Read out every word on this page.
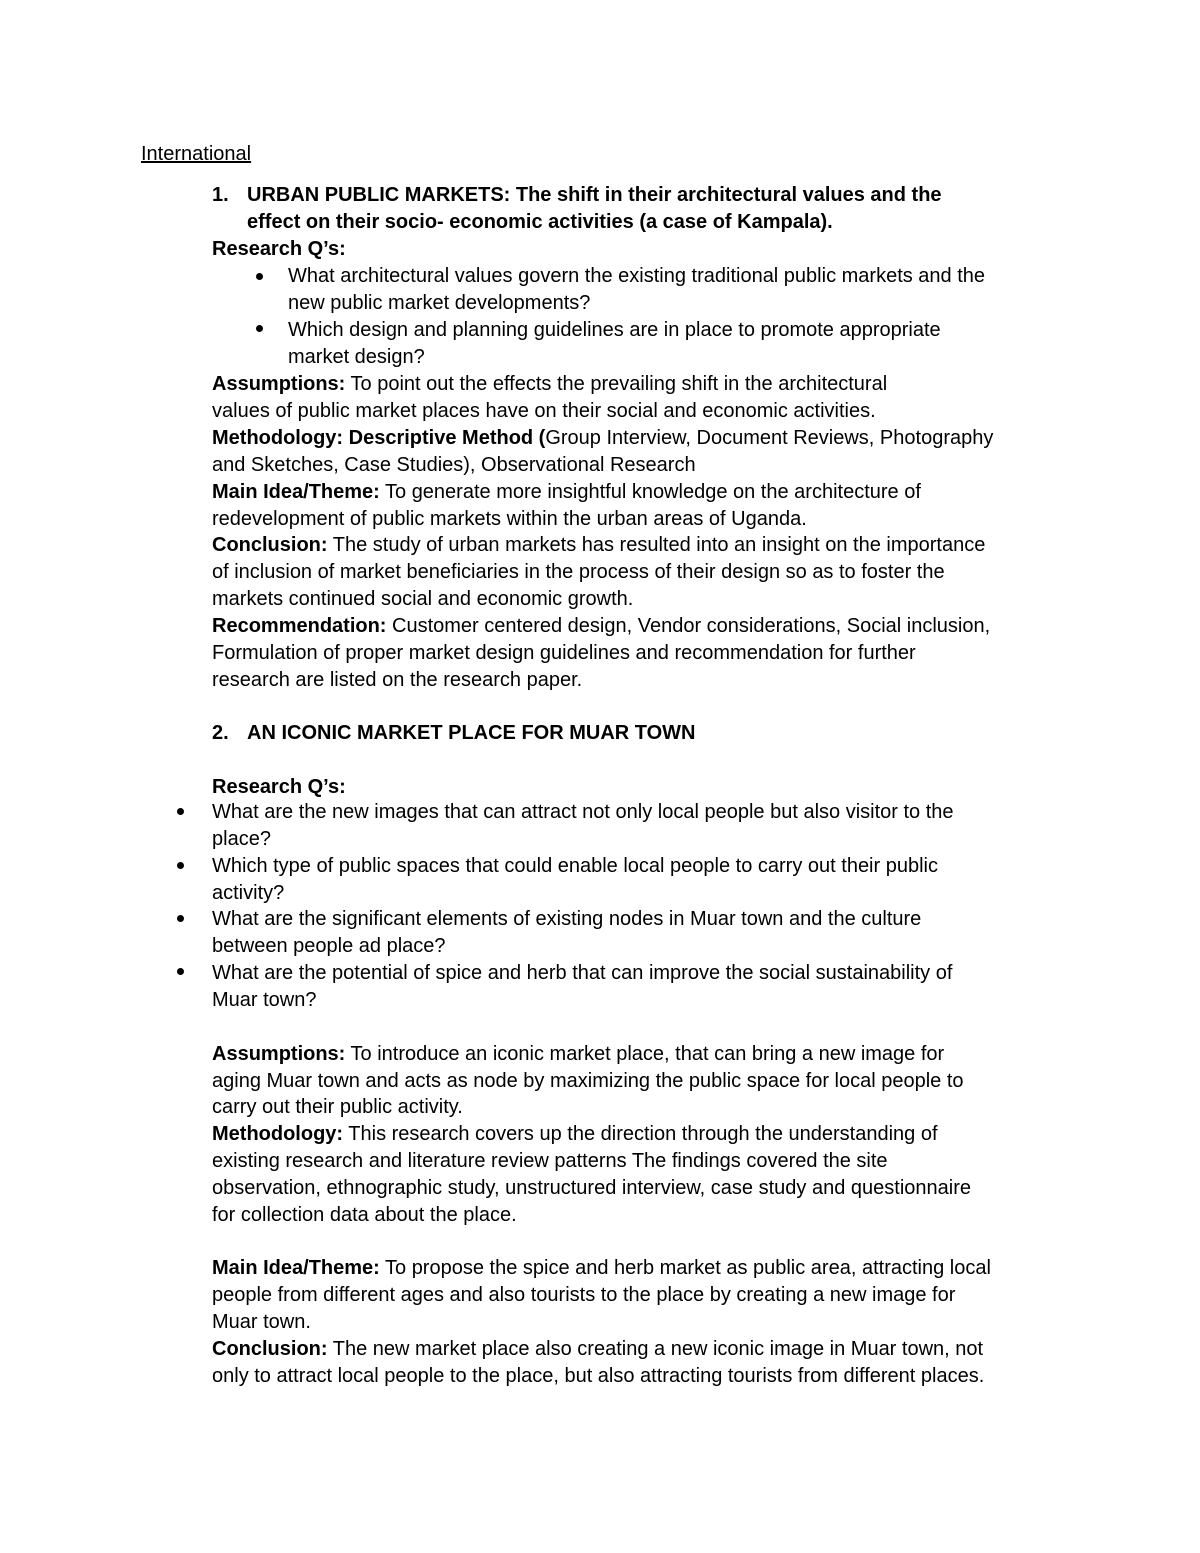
International
1. URBAN PUBLIC MARKETS: The shift in their architectural values and the
effect on their socio- economic activities (a case of Kampala).
Research Q’s:
What architectural values govern the existing traditional public markets and the
new public market developments?
Which design and planning guidelines are in place to promote appropriate
market design?
Assumptions: To point out the effects the prevailing shift in the architectural
values of public market places have on their social and economic activities.
Methodology: Descriptive Method (Group Interview, Document Reviews, Photography
and Sketches, Case Studies), Observational Research
Main Idea/Theme: To generate more insightful knowledge on the architecture of
redevelopment of public markets within the urban areas of Uganda.
Conclusion: The study of urban markets has resulted into an insight on the importance
of inclusion of market beneficiaries in the process of their design so as to foster the
markets continued social and economic growth.
Recommendation: Customer centered design, Vendor considerations, Social inclusion,
Formulation of proper market design guidelines and recommendation for further
research are listed on the research paper.
2. AN ICONIC MARKET PLACE FOR MUAR TOWN
Research Q’s:
What are the new images that can attract not only local people but also visitor to the
place?
Which type of public spaces that could enable local people to carry out their public
activity?
What are the significant elements of existing nodes in Muar town and the culture
between people ad place?
What are the potential of spice and herb that can improve the social sustainability of
Muar town?
Assumptions: To introduce an iconic market place, that can bring a new image for
aging Muar town and acts as node by maximizing the public space for local people to
carry out their public activity.
Methodology: This research covers up the direction through the understanding of
existing research and literature review patterns The findings covered the site
observation, ethnographic study, unstructured interview, case study and questionnaire
for collection data about the place.
Main Idea/Theme: To propose the spice and herb market as public area, attracting local
people from different ages and also tourists to the place by creating a new image for
Muar town.
Conclusion: The new market place also creating a new iconic image in Muar town, not
only to attract local people to the place, but also attracting tourists from different places.
